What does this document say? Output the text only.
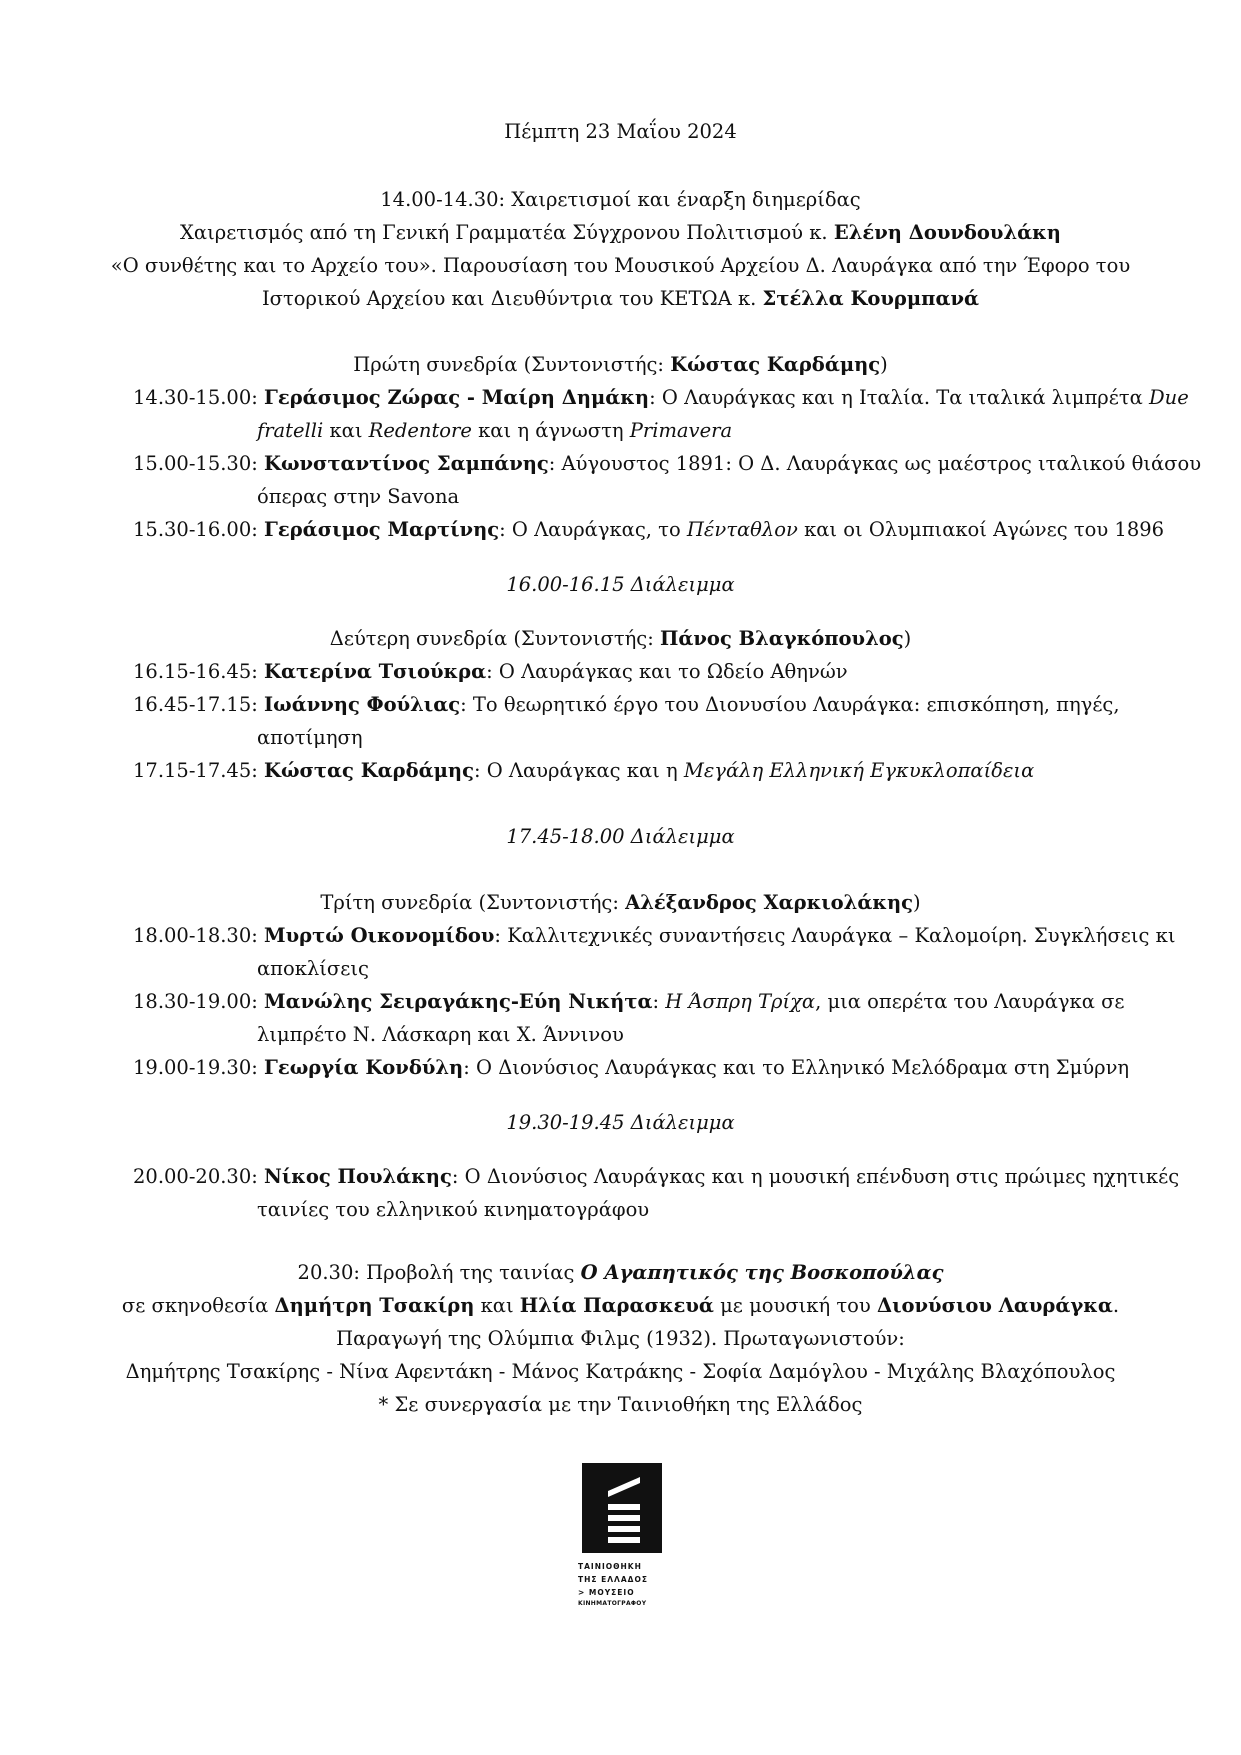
Πέμπτη 23 Μαΐου 2024
14.00-14.30: Χαιρετισμοί και έναρξη διημερίδας
Χαιρετισμός από τη Γενική Γραμματέα Σύγχρονου Πολιτισμού κ. Ελένη Δουνδουλάκη
«Ο συνθέτης και το Αρχείο του». Παρουσίαση του Μουσικού Αρχείου Δ. Λαυράγκα από την Έφορο του
Ιστορικού Αρχείου και Διευθύντρια του ΚΕΤΩΑ κ. Στέλλα Κουρμπανά
Πρώτη συνεδρία (Συντονιστής: Κώστας Καρδάμης)
14.30-15.00: Γεράσιμος Ζώρας - Μαίρη Δημάκη: Ο Λαυράγκας και η Ιταλία. Τα ιταλικά λιμπρέτα Due
fratelli και Redentore και η άγνωστη Primavera
15.00-15.30: Κωνσταντίνος Σαμπάνης: Αύγουστος 1891: Ο Δ. Λαυράγκας ως μαέστρος ιταλικού θιάσου
όπερας στην Savona
15.30-16.00: Γεράσιμος Μαρτίνης: Ο Λαυράγκας, το Πένταθλον και οι Ολυμπιακοί Αγώνες του 1896
16.00-16.15 Διάλειμμα
Δεύτερη συνεδρία (Συντονιστής: Πάνος Βλαγκόπουλος)
16.15-16.45: Κατερίνα Τσιούκρα: Ο Λαυράγκας και το Ωδείο Αθηνών
16.45-17.15: Ιωάννης Φούλιας: Το θεωρητικό έργο του Διονυσίου Λαυράγκα: επισκόπηση, πηγές,
αποτίμηση
17.15-17.45: Κώστας Καρδάμης: Ο Λαυράγκας και η Μεγάλη Ελληνική Εγκυκλοπαίδεια
17.45-18.00 Διάλειμμα
Τρίτη συνεδρία (Συντονιστής: Αλέξανδρος Χαρκιολάκης)
18.00-18.30: Μυρτώ Οικονομίδου: Καλλιτεχνικές συναντήσεις Λαυράγκα – Καλομοίρη. Συγκλήσεις κι
αποκλίσεις
18.30-19.00: Μανώλης Σειραγάκης-Εύη Νικήτα: Η Άσπρη Τρίχα, μια οπερέτα του Λαυράγκα σε
λιμπρέτο Ν. Λάσκαρη και Χ. Άννινου
19.00-19.30: Γεωργία Κονδύλη: Ο Διονύσιος Λαυράγκας και το Ελληνικό Μελόδραμα στη Σμύρνη
19.30-19.45 Διάλειμμα
20.00-20.30: Νίκος Πουλάκης: Ο Διονύσιος Λαυράγκας και η μουσική επένδυση στις πρώιμες ηχητικές
ταινίες του ελληνικού κινηματογράφου
20.30: Προβολή της ταινίας Ο Αγαπητικός της Βοσκοπούλας
σε σκηνοθεσία Δημήτρη Τσακίρη και Ηλία Παρασκευά με μουσική του Διονύσιου Λαυράγκα.
Παραγωγή της Ολύμπια Φιλμς (1932). Πρωταγωνιστούν:
Δημήτρης Τσακίρης - Νίνα Αφεντάκη - Μάνος Κατράκης - Σοφία Δαμόγλου - Μιχάλης Βλαχόπουλος
* Σε συνεργασία με την Ταινιοθήκη της Ελλάδος
ΤΑΙΝΙΟΘΗΚΗ
ΤΗΣ ΕΛΛΑΔΟΣ
> ΜΟΥΣΕΙΟ
ΚΙΝΗΜΑΤΟΓΡΑΦΟΥ
